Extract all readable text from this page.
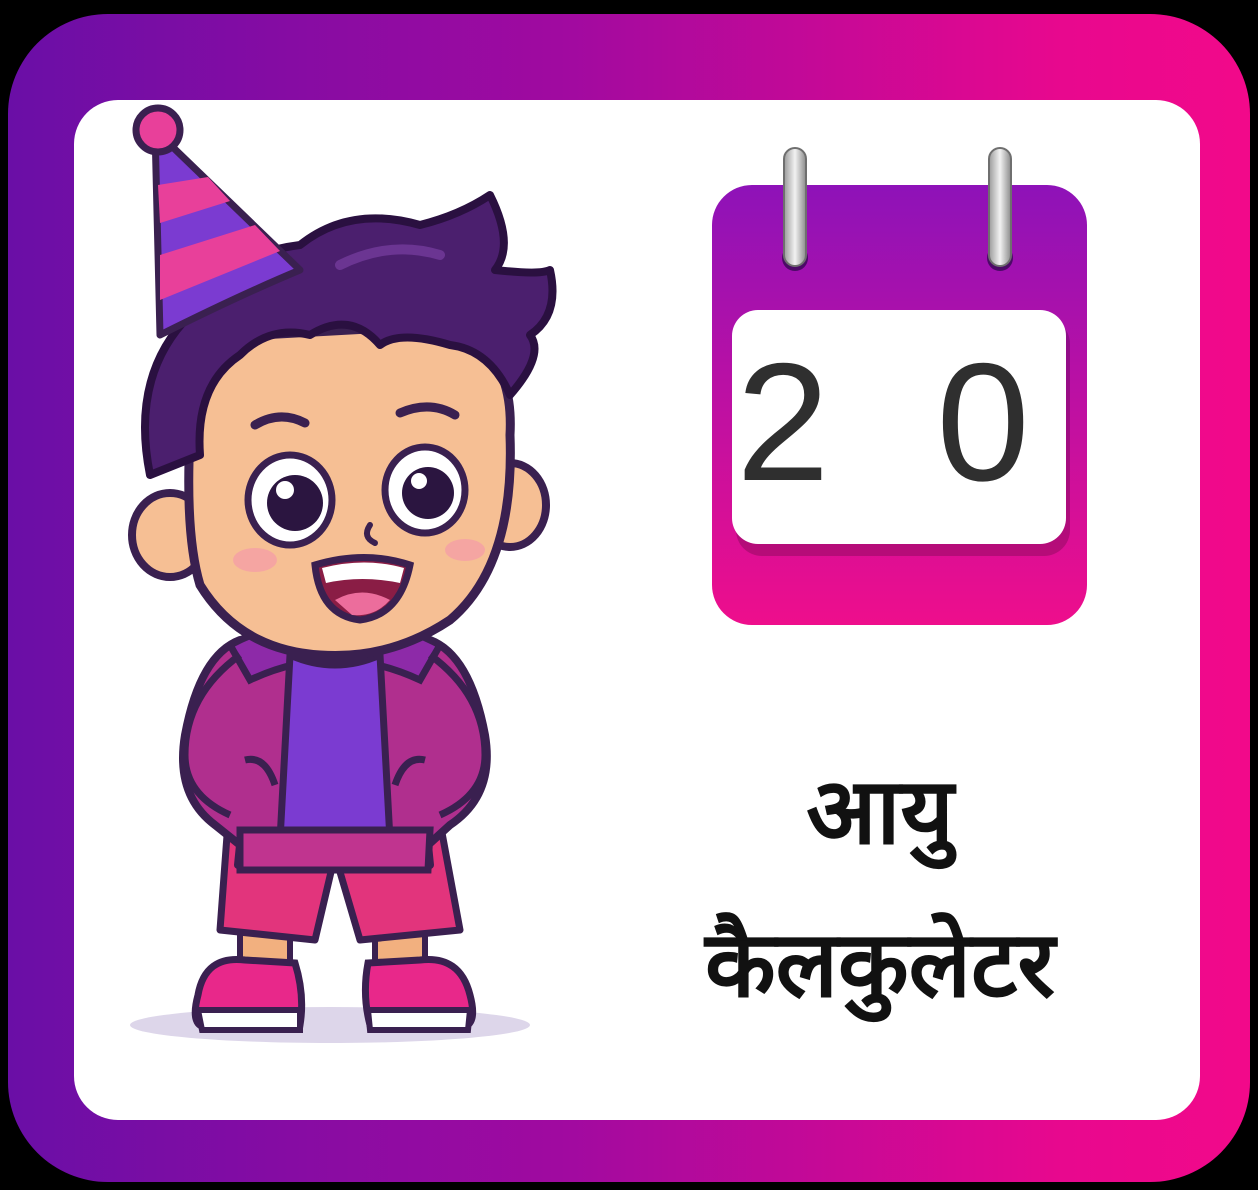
2 0
आयु
कैलकुलेटर
